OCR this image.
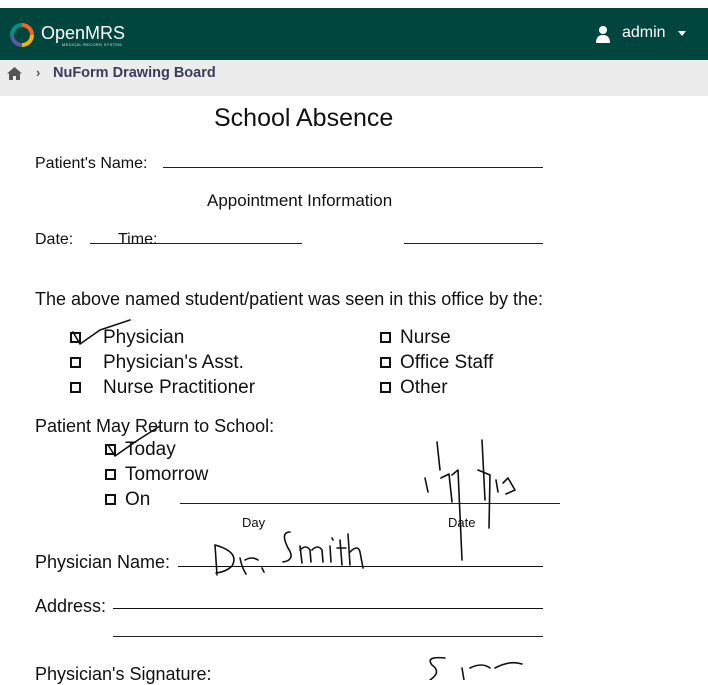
OpenMRS
MEDICAL RECORD SYSTEM
admin
› NuForm Drawing Board
School Absence
Patient's Name:
Appointment Information
Date:	Time:
The above named student/patient was seen in this office by the:
Physician
Physician's Asst.
Nurse Practitioner
Nurse
Office Staff
Other
Patient May Return to School:
Today
Tomorrow
On
Day	Date
Physician Name:
Address:
Physician's Signature:
